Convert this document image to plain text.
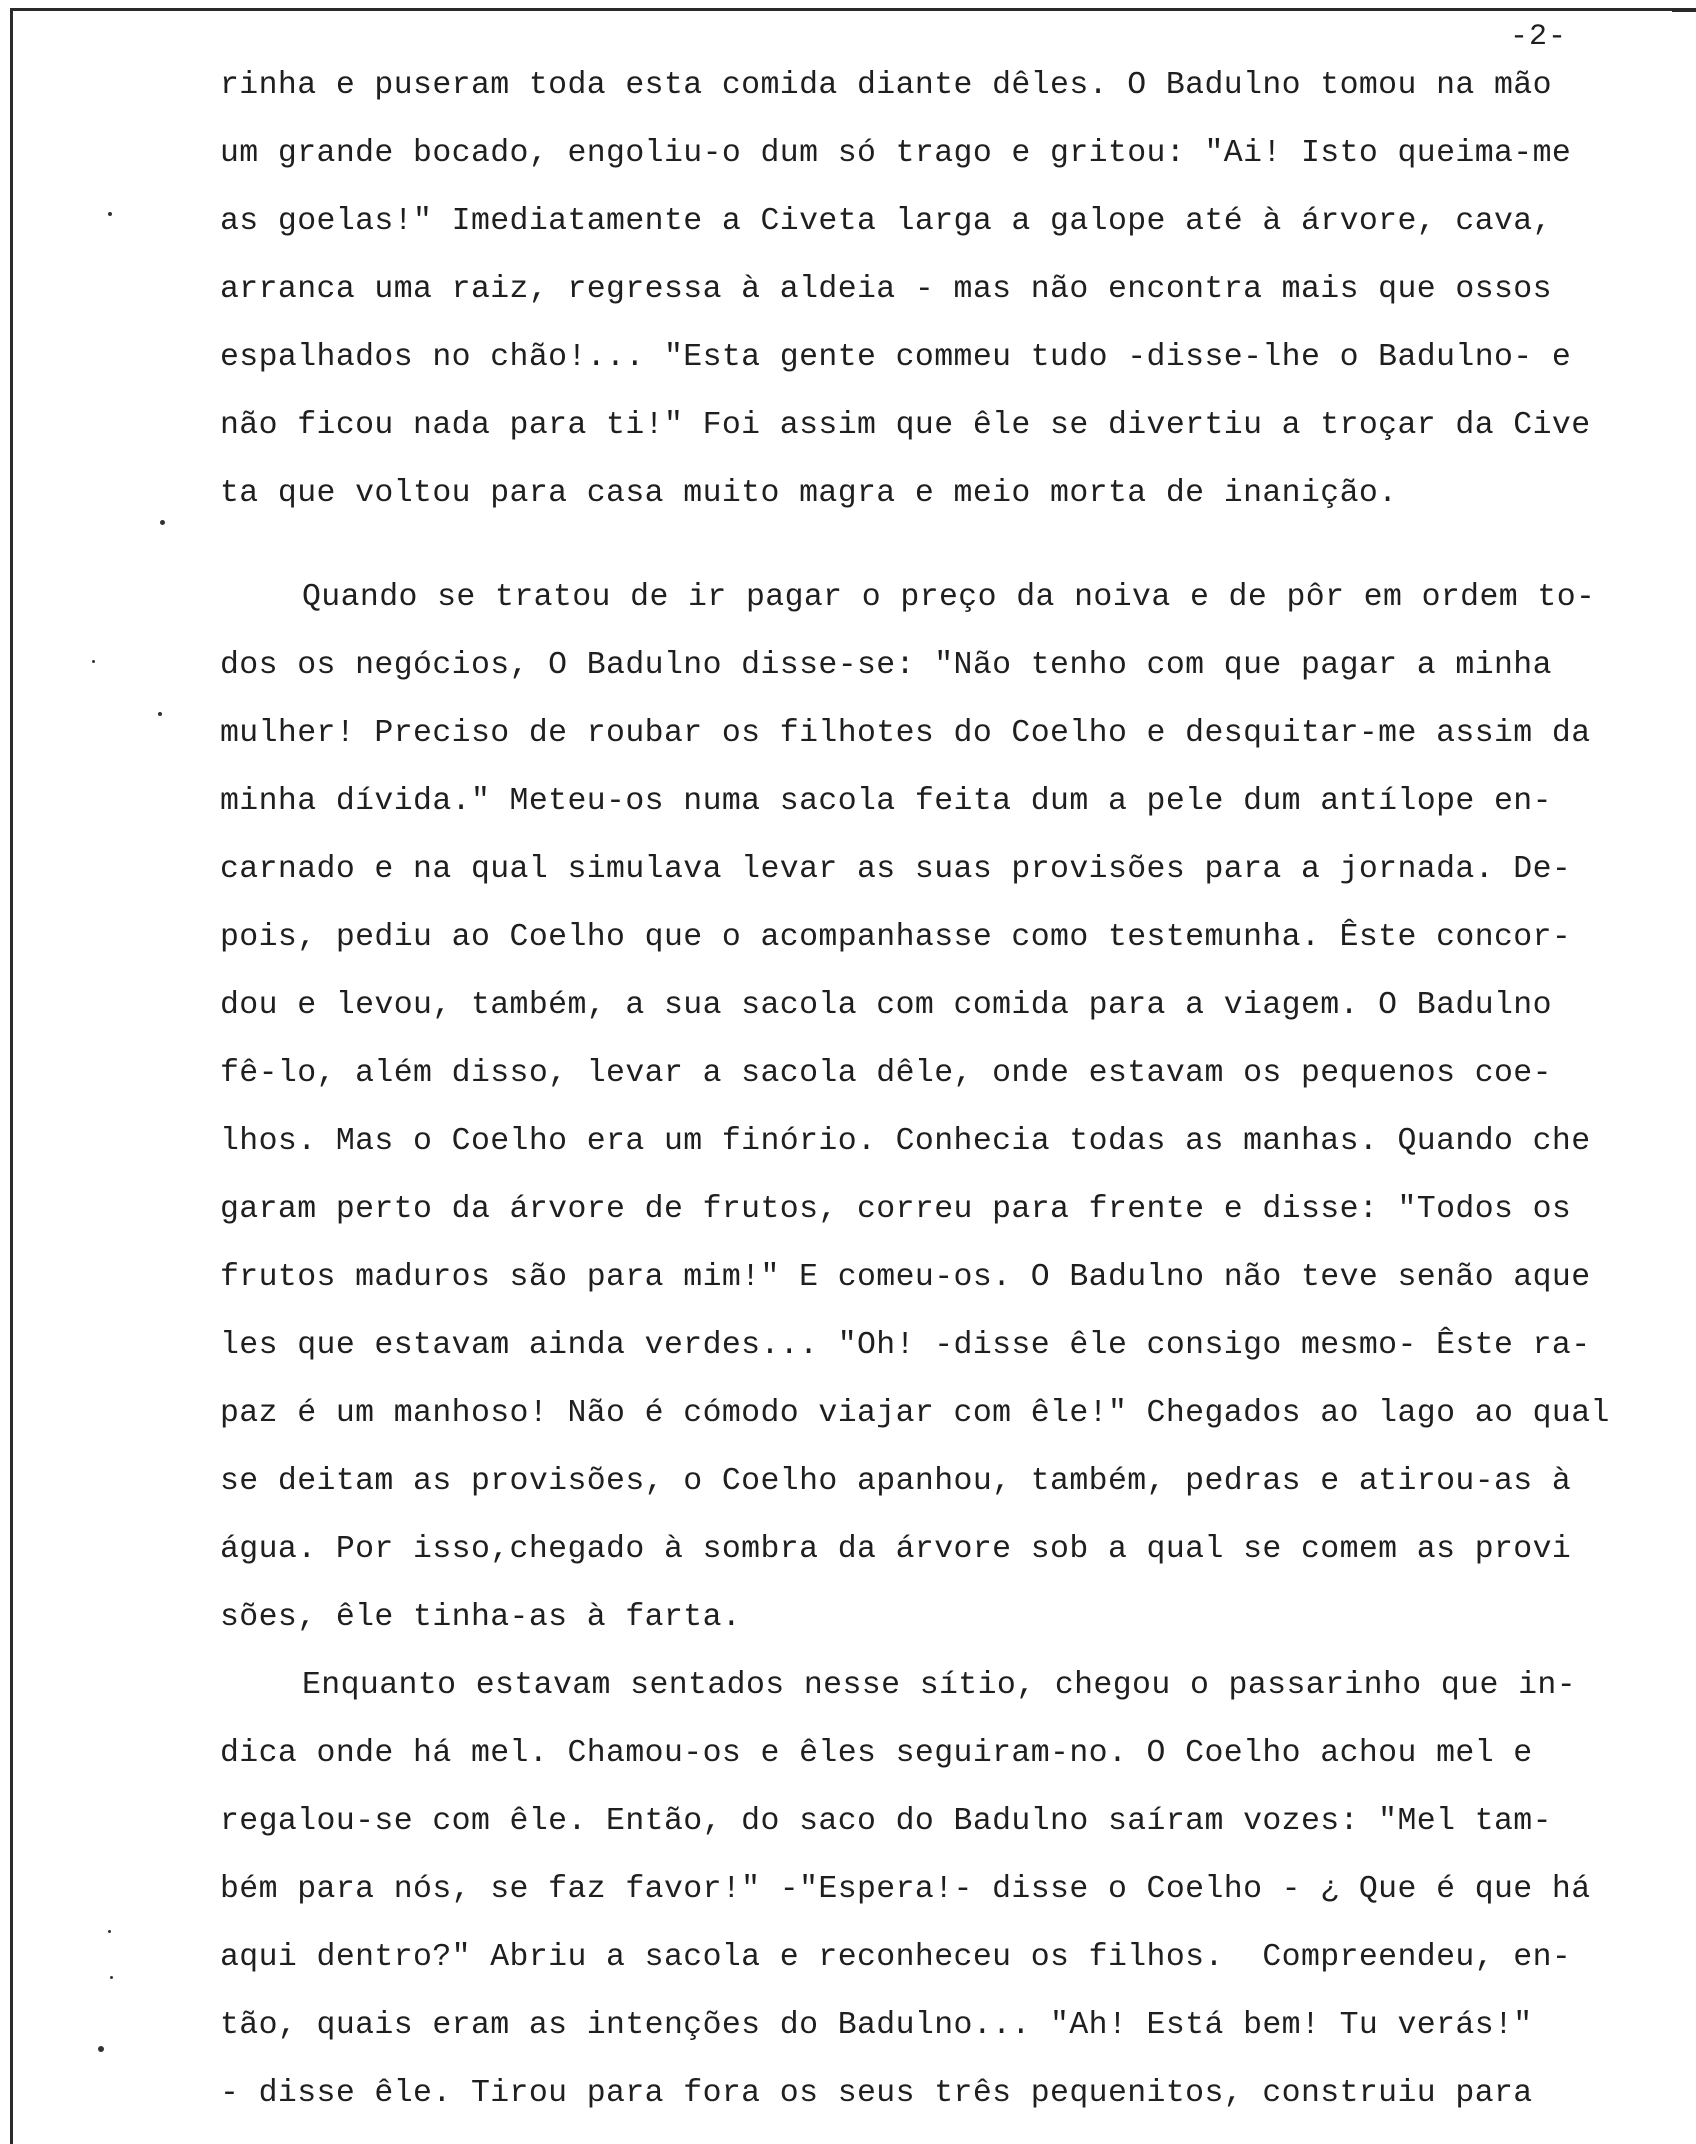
-2-
rinha e puseram toda esta comida diante dêles. O Badulno tomou na mão
um grande bocado, engoliu-o dum só trago e gritou: "Ai! Isto queima-me
as goelas!" Imediatamente a Civeta larga a galope até à árvore, cava,
arranca uma raiz, regressa à aldeia - mas não encontra mais que ossos
espalhados no chão!... "Esta gente commeu tudo -disse-lhe o Badulno- e
não ficou nada para ti!" Foi assim que êle se divertiu a troçar da Cive
ta que voltou para casa muito magra e meio morta de inanição.
Quando se tratou de ir pagar o preço da noiva e de pôr em ordem to-
dos os negócios, O Badulno disse-se: "Não tenho com que pagar a minha
mulher! Preciso de roubar os filhotes do Coelho e desquitar-me assim da
minha dívida." Meteu-os numa sacola feita dum a pele dum antílope en-
carnado e na qual simulava levar as suas provisões para a jornada. De-
pois, pediu ao Coelho que o acompanhasse como testemunha. Êste concor-
dou e levou, também, a sua sacola com comida para a viagem. O Badulno
fê-lo, além disso, levar a sacola dêle, onde estavam os pequenos coe-
lhos. Mas o Coelho era um finório. Conhecia todas as manhas. Quando che
garam perto da árvore de frutos, correu para frente e disse: "Todos os
frutos maduros são para mim!" E comeu-os. O Badulno não teve senão aque
les que estavam ainda verdes... "Oh! -disse êle consigo mesmo- Êste ra-
paz é um manhoso! Não é cómodo viajar com êle!" Chegados ao lago ao qual
se deitam as provisões, o Coelho apanhou, também, pedras e atirou-as à
água. Por isso,chegado à sombra da árvore sob a qual se comem as provi
sões, êle tinha-as à farta.
Enquanto estavam sentados nesse sítio, chegou o passarinho que in-
dica onde há mel. Chamou-os e êles seguiram-no. O Coelho achou mel e
regalou-se com êle. Então, do saco do Badulno saíram vozes: "Mel tam-
bém para nós, se faz favor!" -"Espera!- disse o Coelho - ¿ Que é que há
aqui dentro?" Abriu a sacola e reconheceu os filhos.  Compreendeu, en-
tão, quais eram as intenções do Badulno... "Ah! Está bem! Tu verás!"
- disse êle. Tirou para fora os seus três pequenitos, construiu para
